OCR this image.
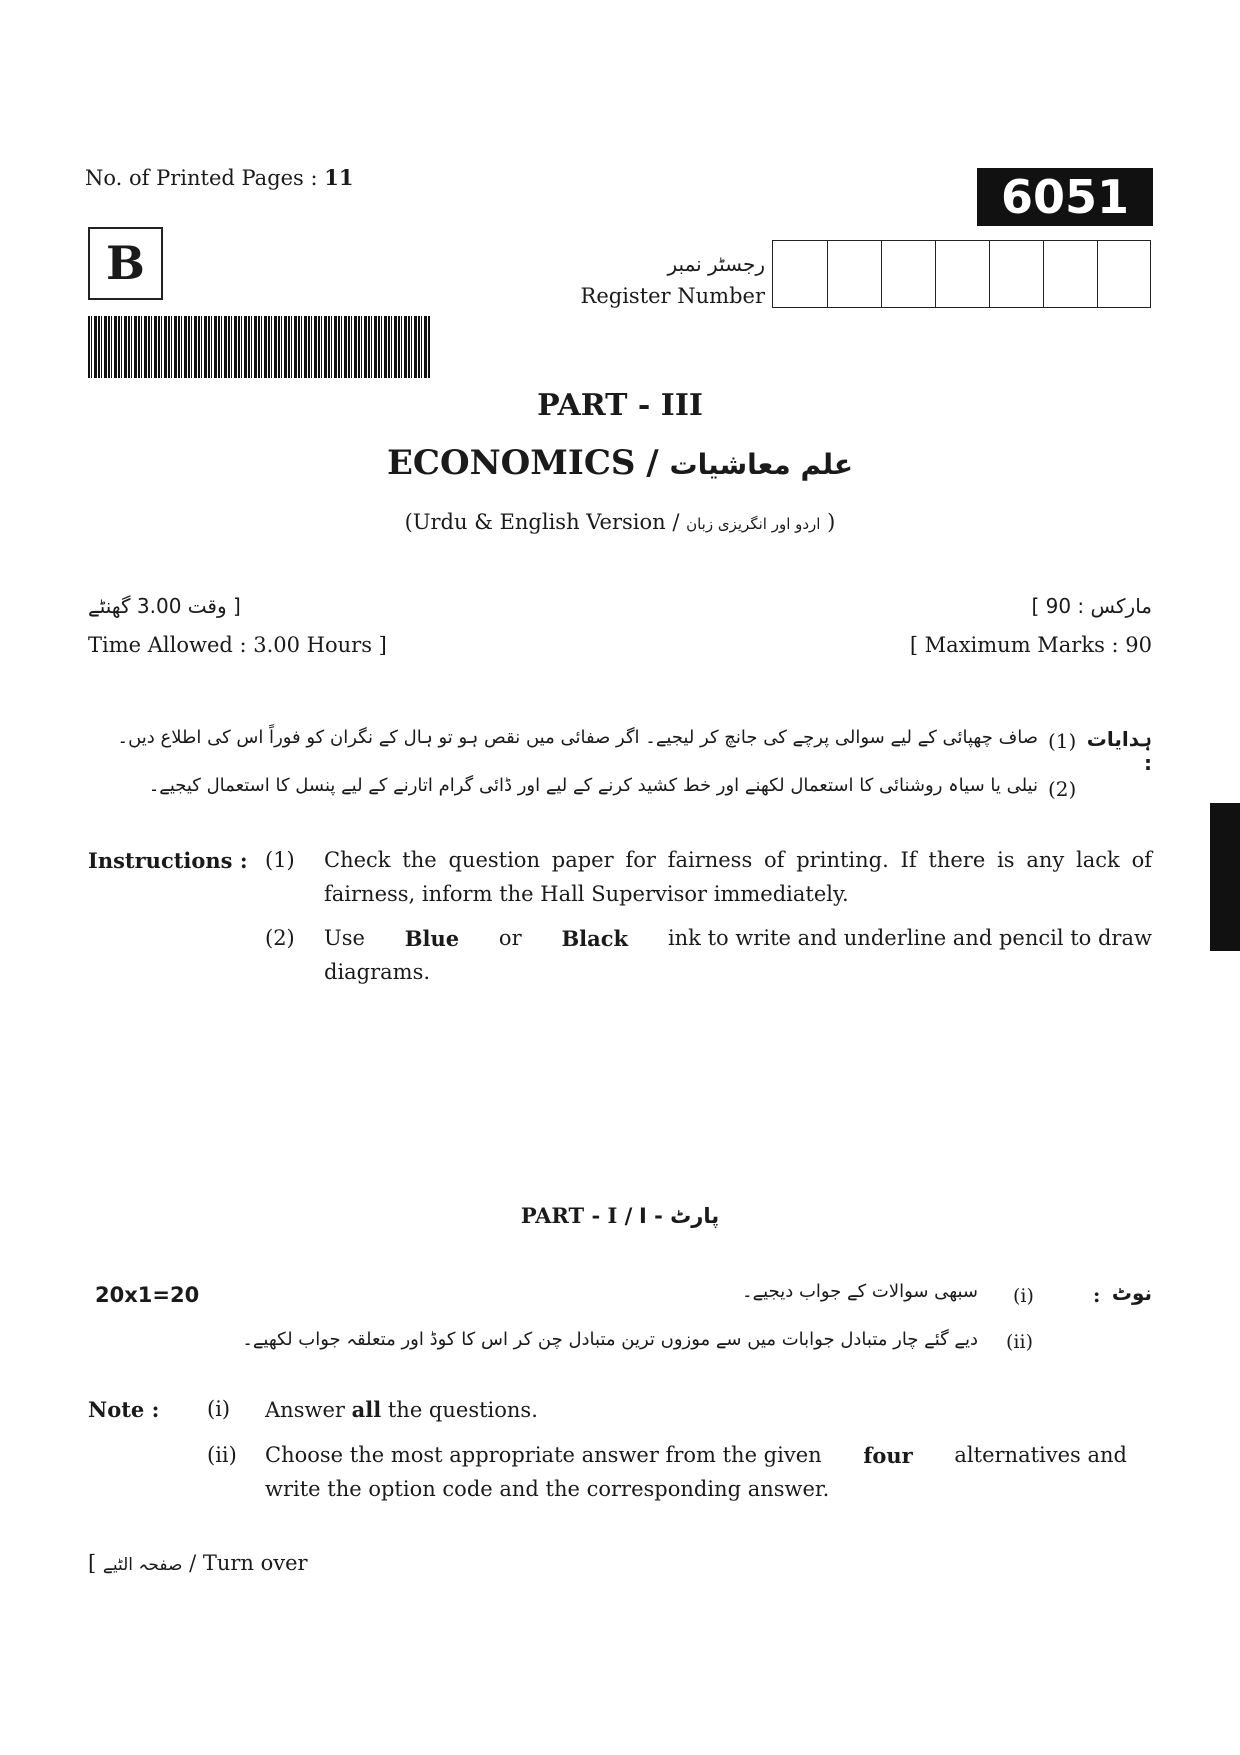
No. of Printed Pages : 11	6051
B	رجسٹر نمبر
Register Number
PART - III
ECONOMICS / علم معاشیات
(Urdu & English Version / اردو اور انگریزی زبان )
[ وقت 3.00 گھنٹے
Time Allowed : 3.00 Hours ]
مارکس : 90 ]
[ Maximum Marks : 90
ہدایات :
(1)
صاف چھپائی کے لیے سوالی پرچے کی جانچ کر لیجیے۔ اگر صفائی میں نقص ہو تو ہال کے نگران کو فوراً اس کی اطلاع دیں۔
(2)
نیلی یا سیاہ روشنائی کا استعمال لکھنے اور خط کشید کرنے کے لیے اور ڈائی گرام اتارنے کے لیے پنسل کا استعمال کیجیے۔
Instructions : (1) Check the question paper for fairness of printing. If there is any lack of
fairness, inform the Hall Supervisor immediately.
(2) Use Blue or Black ink to write and underline and pencil to draw
diagrams.
PART - I / I - پارٹ
20x1=20	نوٹ
:
(i)
سبھی سوالات کے جواب دیجیے۔
(ii)
دیے گئے چار متبادل جوابات میں سے موزوں ترین متبادل چن کر اس کا کوڈ اور متعلقہ جواب لکھیے۔
Note : (i) Answer all the questions.
(ii) Choose the most appropriate answer from the given four alternatives and
write the option code and the corresponding answer.
[ صفحہ الٹیے / Turn over
